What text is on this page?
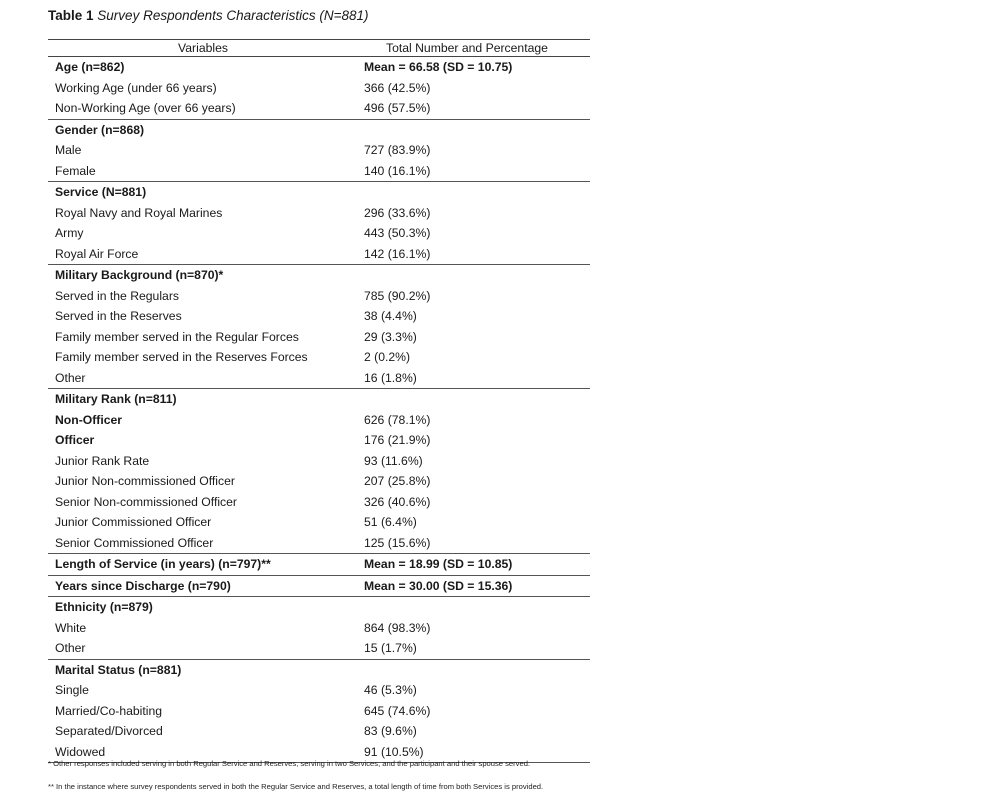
Table 1 Survey Respondents Characteristics (N=881)
Variables	Total Number and Percentage
Age (n=862)	Mean = 66.58 (SD = 10.75)
Working Age (under 66 years)	366 (42.5%)
Non-Working Age (over 66 years)	496 (57.5%)
Gender (n=868)	
Male	727 (83.9%)
Female	140 (16.1%)
Service (N=881)	
Royal Navy and Royal Marines	296 (33.6%)
Army	443 (50.3%)
Royal Air Force	142 (16.1%)
Military Background (n=870)*	
Served in the Regulars	785 (90.2%)
Served in the Reserves	38 (4.4%)
Family member served in the Regular Forces	29 (3.3%)
Family member served in the Reserves Forces	2 (0.2%)
Other	16 (1.8%)
Military Rank (n=811)	
Non-Officer	626 (78.1%)
Officer	176 (21.9%)
Junior Rank Rate	93 (11.6%)
Junior Non-commissioned Officer	207 (25.8%)
Senior Non-commissioned Officer	326 (40.6%)
Junior Commissioned Officer	51 (6.4%)
Senior Commissioned Officer	125 (15.6%)
Length of Service (in years) (n=797)**	Mean = 18.99 (SD = 10.85)
Years since Discharge (n=790)	Mean = 30.00 (SD = 15.36)
Ethnicity (n=879)	
White	864 (98.3%)
Other	15 (1.7%)
Marital Status (n=881)	
Single	46 (5.3%)
Married/Co-habiting	645 (74.6%)
Separated/Divorced	83 (9.6%)
Widowed	91 (10.5%)
* Other responses included serving in both Regular Service and Reserves, serving in two Services, and the participant and their spouse served.
** In the instance where survey respondents served in both the Regular Service and Reserves, a total length of time from both Services is provided.
